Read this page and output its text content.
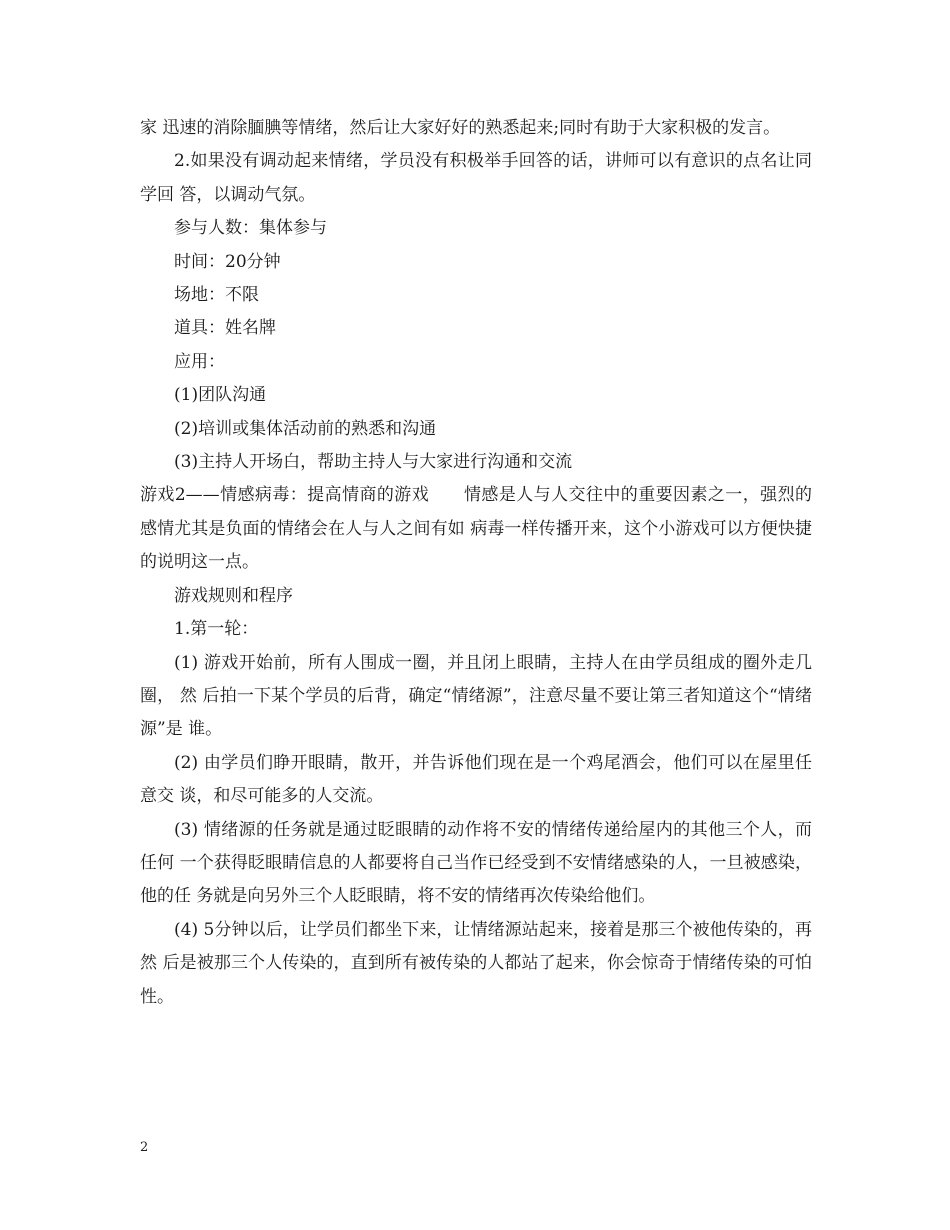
家 迅速的消除腼腆等情绪，然后让大家好好的熟悉起来;同时有助于大家积极的发言。

2.如果没有调动起来情绪，学员没有积极举手回答的话，讲师可以有意识的点名让同学回 答，以调动气氛。

参与人数：集体参与

时间：20分钟

场地：不限

道具：姓名牌

应用：

(1)团队沟通

(2)培训或集体活动前的熟悉和沟通

(3)主持人开场白，帮助主持人与大家进行沟通和交流

游戏2——情感病毒：提高情商的游戏　　情感是人与人交往中的重要因素之一，强烈的感情尤其是负面的情绪会在人与人之间有如 病毒一样传播开来，这个小游戏可以方便快捷的说明这一点。

游戏规则和程序

1.第一轮：

(1) 游戏开始前，所有人围成一圈，并且闭上眼睛，主持人在由学员组成的圈外走几圈， 然 后拍一下某个学员的后背，确定“情绪源”，注意尽量不要让第三者知道这个“情绪源”是 谁。

(2) 由学员们睁开眼睛，散开，并告诉他们现在是一个鸡尾酒会，他们可以在屋里任意交 谈，和尽可能多的人交流。

(3) 情绪源的任务就是通过眨眼睛的动作将不安的情绪传递给屋内的其他三个人，而任何 一个获得眨眼睛信息的人都要将自己当作已经受到不安情绪感染的人，一旦被感染，他的任 务就是向另外三个人眨眼睛，将不安的情绪再次传染给他们。

(4) 5分钟以后，让学员们都坐下来，让情绪源站起来，接着是那三个被他传染的，再然 后是被那三个人传染的，直到所有被传染的人都站了起来，你会惊奇于情绪传染的可怕性。

2
